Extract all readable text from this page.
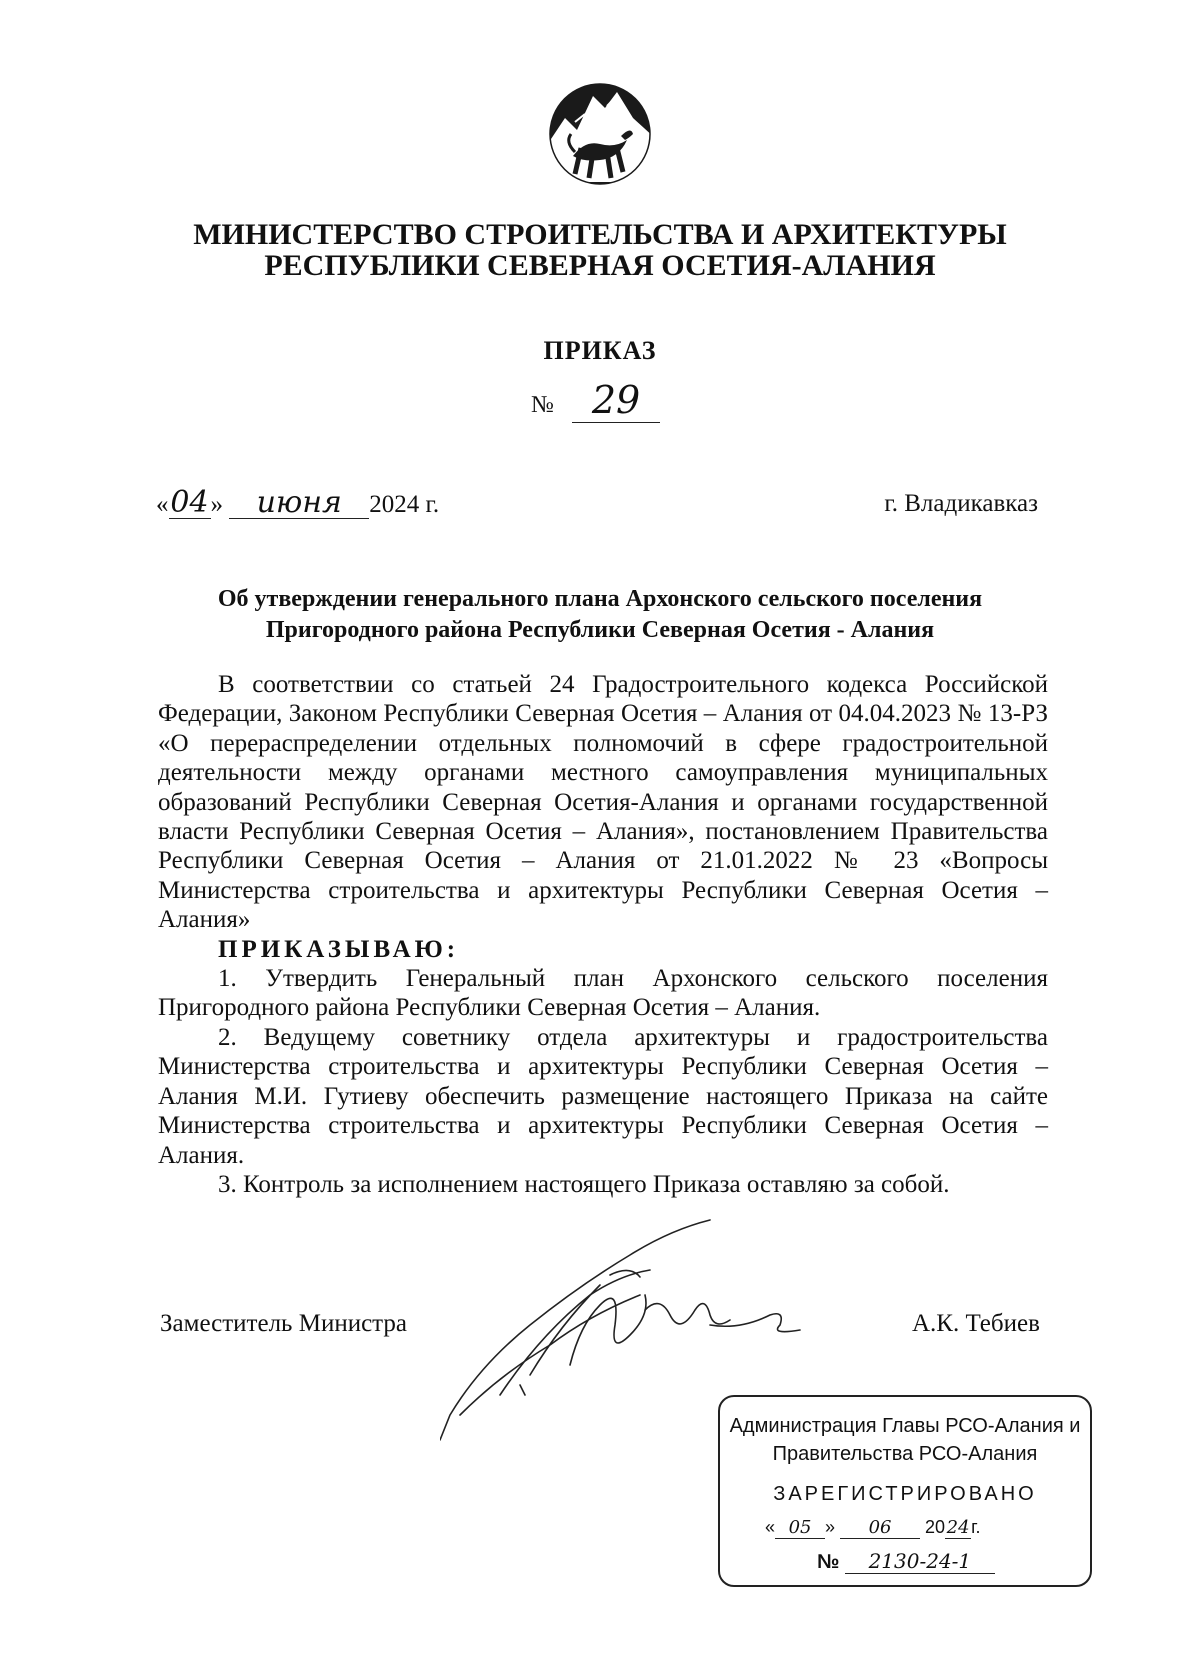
МИНИСТЕРСТВО СТРОИТЕЛЬСТВА И АРХИТЕКТУРЫ
РЕСПУБЛИКИ СЕВЕРНАЯ ОСЕТИЯ-АЛАНИЯ
ПРИКАЗ
№ 29
«04» июня 2024 г.	г. Владикавказ
Об утверждении генерального плана Архонского сельского поселения
Пригородного района Республики Северная Осетия - Алания

В соответствии со статьей 24 Градостроительного кодекса Российской Федерации, Законом Республики Северная Осетия – Алания от 04.04.2023 № 13-РЗ «О перераспределении отдельных полномочий в сфере градостроительной деятельности между органами местного самоуправления муниципальных образований Республики Северная Осетия-Алания и органами государственной власти Республики Северная Осетия – Алания», постановлением Правительства Республики Северная Осетия – Алания от 21.01.2022 № 23 «Вопросы Министерства строительства и архитектуры Республики Северная Осетия – Алания»

ПРИКАЗЫВАЮ:

1. Утвердить Генеральный план Архонского сельского поселения Пригородного района Республики Северная Осетия – Алания.

2. Ведущему советнику отдела архитектуры и градостроительства Министерства строительства и архитектуры Республики Северная Осетия – Алания М.И. Гутиеву обеспечить размещение настоящего Приказа на сайте Министерства строительства и архитектуры Республики Северная Осетия – Алания.

3. Контроль за исполнением настоящего Приказа оставляю за собой.

Заместитель Министра	А.К. Тебиев
Администрация Главы РСО-Алания и
Правительства РСО-Алания
ЗАРЕГИСТРИРОВАНО
« 05 » 06 2024г.
№ 2130-24-1
